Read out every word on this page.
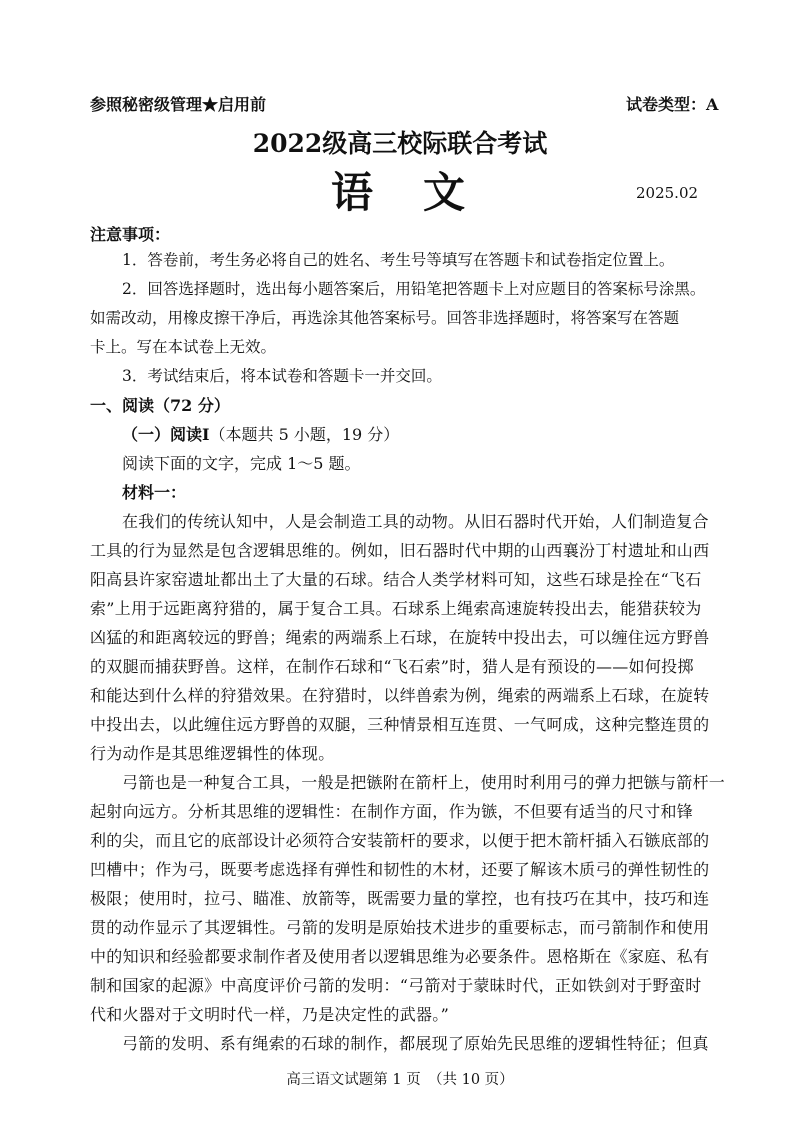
参照秘密级管理★启用前	试卷类型：A
2022级高三校际联合考试
语　文	2025.02
注意事项：
1．答卷前，考生务必将自己的姓名、考生号等填写在答题卡和试卷指定位置上。
2．回答选择题时，选出每小题答案后，用铅笔把答题卡上对应题目的答案标号涂黑。
如需改动，用橡皮擦干净后，再选涂其他答案标号。回答非选择题时，将答案写在答题
卡上。写在本试卷上无效。
3．考试结束后，将本试卷和答题卡一并交回。
一、阅读（72 分）
（一）阅读Ⅰ（本题共 5 小题，19 分）
阅读下面的文字，完成 1～5 题。
材料一：
在我们的传统认知中，人是会制造工具的动物。从旧石器时代开始，人们制造复合
工具的行为显然是包含逻辑思维的。例如，旧石器时代中期的山西襄汾丁村遗址和山西
阳高县许家窑遗址都出土了大量的石球。结合人类学材料可知，这些石球是拴在“飞石
索”上用于远距离狩猎的，属于复合工具。石球系上绳索高速旋转投出去，能猎获较为
凶猛的和距离较远的野兽；绳索的两端系上石球，在旋转中投出去，可以缠住远方野兽
的双腿而捕获野兽。这样，在制作石球和“飞石索”时，猎人是有预设的——如何投掷
和能达到什么样的狩猎效果。在狩猎时，以绊兽索为例，绳索的两端系上石球，在旋转
中投出去，以此缠住远方野兽的双腿，三种情景相互连贯、一气呵成，这种完整连贯的
行为动作是其思维逻辑性的体现。
弓箭也是一种复合工具，一般是把镞附在箭杆上，使用时利用弓的弹力把镞与箭杆一
起射向远方。分析其思维的逻辑性：在制作方面，作为镞，不但要有适当的尺寸和锋
利的尖，而且它的底部设计必须符合安装箭杆的要求，以便于把木箭杆插入石镞底部的
凹槽中；作为弓，既要考虑选择有弹性和韧性的木材，还要了解该木质弓的弹性韧性的
极限；使用时，拉弓、瞄准、放箭等，既需要力量的掌控，也有技巧在其中，技巧和连
贯的动作显示了其逻辑性。弓箭的发明是原始技术进步的重要标志，而弓箭制作和使用
中的知识和经验都要求制作者及使用者以逻辑思维为必要条件。恩格斯在《家庭、私有
制和国家的起源》中高度评价弓箭的发明：“弓箭对于蒙昧时代，正如铁剑对于野蛮时
代和火器对于文明时代一样，乃是决定性的武器。”
弓箭的发明、系有绳索的石球的制作，都展现了原始先民思维的逻辑性特征；但真
高三语文试题第 1 页　（共 10 页）
